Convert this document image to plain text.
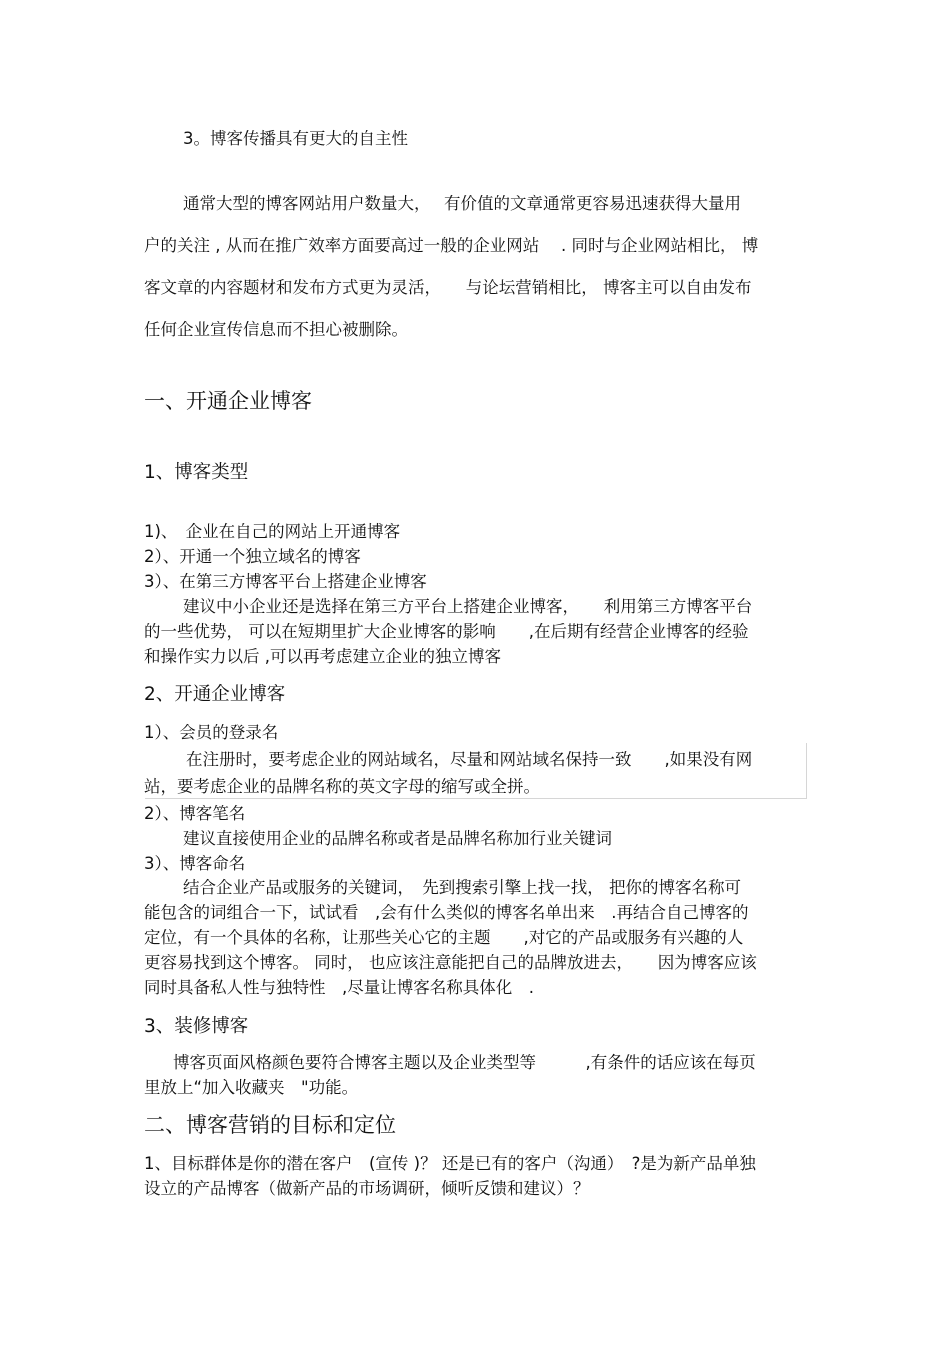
3。博客传播具有更大的自主性
通常大型的博客网站用户数量大，　 有价值的文章通常更容易迅速获得大量用
户的关注 , 从而在推广效率方面要高过一般的企业网站　 . 同时与企业网站相比， 博
客文章的内容题材和发布方式更为灵活，　　与论坛营销相比， 博客主可以自由发布
任何企业宣传信息而不担心被删除。
一、开通企业博客
1、博客类型
1)、　企业在自己的网站上开通博客
2）、开通一个独立域名的博客
3）、在第三方博客平台上搭建企业博客
建议中小企业还是选择在第三方平台上搭建企业博客，　　利用第三方博客平台
的一些优势， 可以在短期里扩大企业博客的影响　　,在后期有经营企业博客的经验
和操作实力以后 ,可以再考虑建立企业的独立博客
2、开通企业博客
1）、会员的登录名
在注册时，要考虑企业的网站域名，尽量和网站域名保持一致　　,如果没有网
站，要考虑企业的品牌名称的英文字母的缩写或全拼。
2）、博客笔名
建议直接使用企业的品牌名称或者是品牌名称加行业关键词
3）、博客命名
结合企业产品或服务的关键词，　先到搜索引擎上找一找， 把你的博客名称可
能包含的词组合一下，试试看　,会有什么类似的博客名单出来　.再结合自己博客的
定位，有一个具体的名称，让那些关心它的主题　　,对它的产品或服务有兴趣的人
更容易找到这个博客。 同时， 也应该注意能把自己的品牌放进去，　　因为博客应该
同时具备私人性与独特性　,尽量让博客名称具体化　.
3、装修博客
博客页面风格颜色要符合博客主题以及企业类型等　　　,有条件的话应该在每页
里放上“加入收藏夹　"功能。
二、博客营销的目标和定位
1、目标群体是你的潜在客户　(宣传 )？ 还是已有的客户（沟通）　?是为新产品单独
设立的产品博客（做新产品的市场调研，倾听反馈和建议）？
